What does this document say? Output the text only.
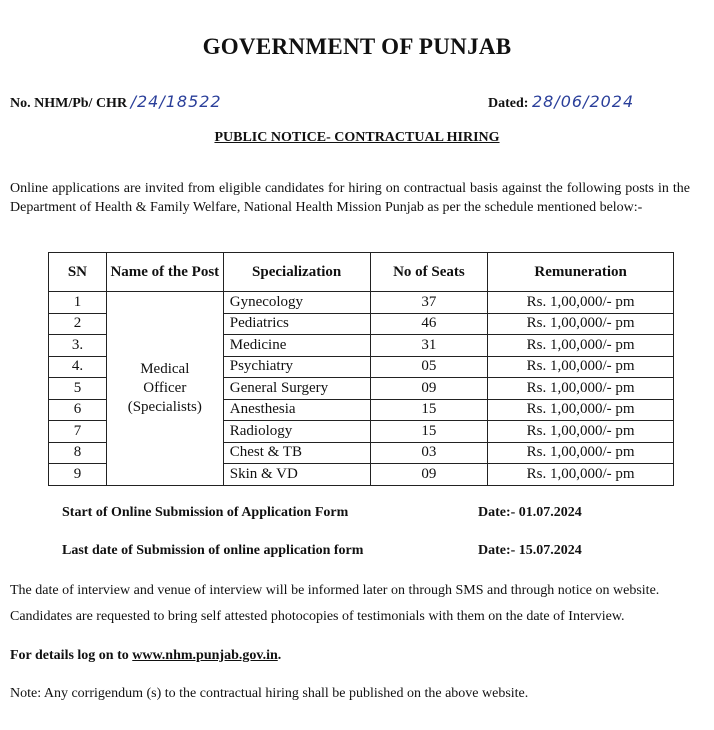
GOVERNMENT OF PUNJAB
No. NHM/Pb/ CHR /24/18522	Dated: 28/06/2024
PUBLIC NOTICE- CONTRACTUAL HIRING
Online applications are invited from eligible candidates for hiring on contractual basis against the following posts in the Department of Health & Family Welfare, National Health Mission Punjab as per the schedule mentioned below:-
SN	Name of the Post	Specialization	No of Seats	Remuneration
1	Medical
Officer
(Specialists)	Gynecology	37	Rs. 1,00,000/- pm
2		Pediatrics	46	Rs. 1,00,000/- pm
3.		Medicine	31	Rs. 1,00,000/- pm
4.		Psychiatry	05	Rs. 1,00,000/- pm
5		General Surgery	09	Rs. 1,00,000/- pm
6		Anesthesia	15	Rs. 1,00,000/- pm
7		Radiology	15	Rs. 1,00,000/- pm
8		Chest & TB	03	Rs. 1,00,000/- pm
9		Skin & VD	09	Rs. 1,00,000/- pm
Start of Online Submission of Application Form	Date:- 01.07.2024
Last date of Submission of online application form	Date:- 15.07.2024
The date of interview and venue of interview will be informed later on through SMS and through notice on website.
Candidates are requested to bring self attested photocopies of testimonials with them on the date of Interview.
For details log on to www.nhm.punjab.gov.in.
Note: Any corrigendum (s) to the contractual hiring shall be published on the above website.
